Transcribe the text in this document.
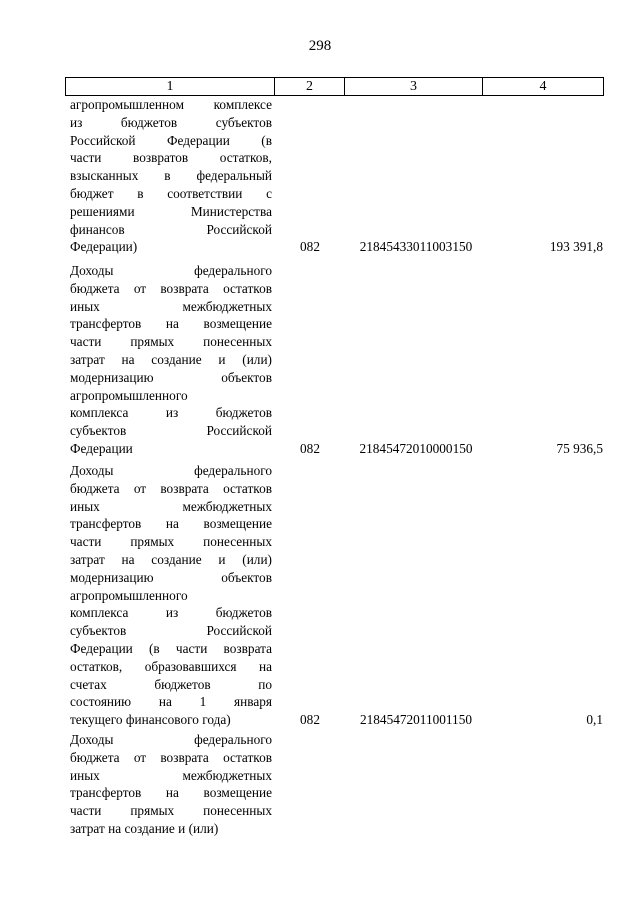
298
1	2	3	4
агропромышленном комплексе
из бюджетов субъектов
Российской Федерации (в
части возвратов остатков,
взысканных в федеральный
бюджет в соответствии с
решениями Министерства
финансов Российской
Федерации)	082	21845433011003150	193 391,8
Доходы федерального
бюджета от возврата остатков
иных межбюджетных
трансфертов на возмещение
части прямых понесенных
затрат на создание и (или)
модернизацию объектов
агропромышленного
комплекса из бюджетов
субъектов Российской
Федерации	082	21845472010000150	75 936,5
Доходы федерального
бюджета от возврата остатков
иных межбюджетных
трансфертов на возмещение
части прямых понесенных
затрат на создание и (или)
модернизацию объектов
агропромышленного
комплекса из бюджетов
субъектов Российской
Федерации (в части возврата
остатков, образовавшихся на
счетах бюджетов по
состоянию на 1 января
текущего финансового года)	082	21845472011001150	0,1
Доходы федерального
бюджета от возврата остатков
иных межбюджетных
трансфертов на возмещение
части прямых понесенных
затрат на создание и (или)
